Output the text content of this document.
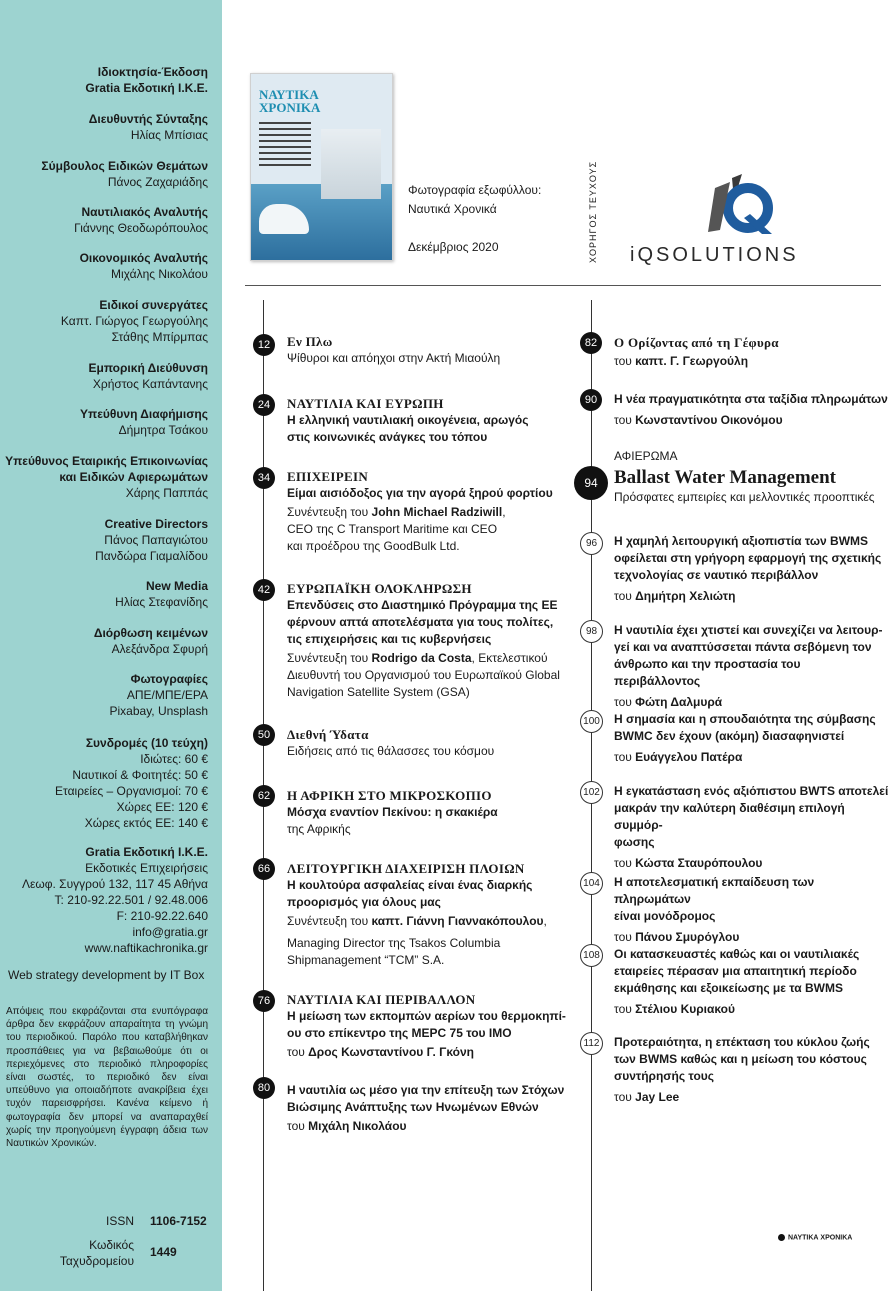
Ιδιοκτησία-Έκδοση
Gratia Εκδοτική Ι.Κ.Ε.
Διευθυντής Σύνταξης
Ηλίας Μπίσιας
Σύμβουλος Ειδικών Θεμάτων
Πάνος Ζαχαριάδης
Ναυτιλιακός Αναλυτής
Γιάννης Θεοδωρόπουλος
Οικονομικός Αναλυτής
Μιχάλης Νικολάου
Ειδικοί συνεργάτες
Καπτ. Γιώργος Γεωργούλης
Στάθης Μπίρμπας
Εμπορική Διεύθυνση
Χρήστος Καπάντανης
Υπεύθυνη Διαφήμισης
Δήμητρα Τσάκου
Υπεύθυνος Εταιρικής Επικοινωνίας
και Ειδικών Αφιερωμάτων
Χάρης Παππάς
Creative Directors
Πάνος Παπαγιώτου
Πανδώρα Γιαμαλίδου
New Media
Ηλίας Στεφανίδης
Διόρθωση κειμένων
Αλεξάνδρα Σφυρή
Φωτογραφίες
ΑΠΕ/ΜΠΕ/EPA
Pixabay, Unsplash
Συνδρομές (10 τεύχη)
Ιδιώτες: 60 €
Ναυτικοί & Φοιτητές: 50 €
Εταιρείες – Οργανισμοί: 70 €
Χώρες ΕΕ: 120 €
Χώρες εκτός ΕΕ: 140 €
Gratia Εκδοτική Ι.Κ.Ε.
Εκδοτικές Επιχειρήσεις
Λεωφ. Συγγρού 132, 117 45 Αθήνα
T: 210-92.22.501 / 92.48.006
F: 210-92.22.640
info@gratia.gr
www.naftikachronika.gr
Web strategy development by IT Box
Απόψεις που εκφράζονται στα ενυπόγραφα άρθρα δεν εκφράζουν απαραίτητα τη γνώμη του περιοδικού. Παρόλο που καταβλήθηκαν προσπάθειες για να βεβαιωθούμε ότι οι περιεχόμενες στο περιοδικό πληροφορίες είναι σωστές, το περιοδικό δεν είναι υπεύθυνο για οποιαδήποτε ανακρίβεια έχει τυχόν παρεισφρήσει. Κανένα κείμενο ή φωτογραφία δεν μπορεί να αναπαραχθεί χωρίς την προηγούμενη έγγραφη άδεια των Ναυτικών Χρονικών.
ISSN 1106-7152
Κωδικός
Ταχυδρομείου
1449
ΝΑΥΤΙΚΑ
ΧΡΟΝΙΚΑ
Φωτογραφία εξωφύλλου:
Ναυτικά Χρονικά
Δεκέμβριος 2020	ΧΟΡΗΓΟΣ ΤΕΥΧΟΥΣ iQSOLUTIONS
12	Εν Πλω
Ψίθυροι και απόηχοι στην Ακτή Μιαούλη
24	ΝΑΥΤΙΛΙΑ ΚΑΙ ΕΥΡΩΠΗ
Η ελληνική ναυτιλιακή οικογένεια, αρωγός
στις κοινωνικές ανάγκες του τόπου
34	ΕΠΙΧΕΙΡΕΙΝ
Είμαι αισιόδοξος για την αγορά ξηρού φορτίου
Συνέντευξη του John Michael Radziwill,
CEO της C Transport Maritime και CEO
και προέδρου της GoodBulk Ltd.
42	ΕΥΡΩΠΑΪΚΗ ΟΛΟΚΛΗΡΩΣΗ
Επενδύσεις στο Διαστημικό Πρόγραμμα της ΕΕ
φέρνουν απτά αποτελέσματα για τους πολίτες,
τις επιχειρήσεις και τις κυβερνήσεις
Συνέντευξη του Rodrigo da Costa, Εκτελεστικού
Διευθυντή του Οργανισμού του Ευρωπαϊκού Global
Navigation Satellite System (GSA)
50	Διεθνή Ύδατα
Ειδήσεις από τις θάλασσες του κόσμου
62	Η ΑΦΡΙΚΗ ΣΤΟ ΜΙΚΡΟΣΚΟΠΙΟ
Μόσχα εναντίον Πεκίνου: η σκακιέρα
της Αφρικής
66	ΛΕΙΤΟΥΡΓΙΚΗ ΔΙΑΧΕΙΡΙΣΗ ΠΛΟΙΩΝ
Η κουλτούρα ασφαλείας είναι ένας διαρκής
προορισμός για όλους μας
Συνέντευξη του καπτ. Γιάννη Γιαννακόπουλου,
Managing Director της Tsakos Columbia
Shipmanagement “TCM” S.A.
76	ΝΑΥΤΙΛΙΑ ΚΑΙ ΠΕΡΙΒΑΛΛΟΝ
Η μείωση των εκπομπών αερίων του θερμοκηπί-
ου στο επίκεντρο της MEPC 75 του IMO
του Δρος Κωνσταντίνου Γ. Γκόνη
80	Η ναυτιλία ως μέσο για την επίτευξη των Στόχων
Βιώσιμης Ανάπτυξης των Ηνωμένων Εθνών
του Μιχάλη Νικολάου
82	Ο Ορίζοντας από τη Γέφυρα
του καπτ. Γ. Γεωργούλη
90	Η νέα πραγματικότητα στα ταξίδια πληρωμάτων
του Κωνσταντίνου Οικονόμου
ΑΦΙΕΡΩΜΑ
94 Ballast Water Management
Πρόσφατες εμπειρίες και μελλοντικές προοπτικές
96	Η χαμηλή λειτουργική αξιοπιστία των BWMS
οφείλεται στη γρήγορη εφαρμογή της σχετικής
τεχνολογίας σε ναυτικό περιβάλλον
του Δημήτρη Χελιώτη
98	Η ναυτιλία έχει χτιστεί και συνεχίζει να λειτουρ-
γεί και να αναπτύσσεται πάντα σεβόμενη τον
άνθρωπο και την προστασία του περιβάλλοντος
του Φώτη Δαλμυρά
100 Η σημασία και η σπουδαιότητα της σύμβασης
BWMC δεν έχουν (ακόμη) διασαφηνιστεί
του Ευάγγελου Πατέρα
102 Η εγκατάσταση ενός αξιόπιστου BWTS αποτελεί
μακράν την καλύτερη διαθέσιμη επιλογή συμμόρ-
φωσης
του Κώστα Σταυρόπουλου
104 Η αποτελεσματική εκπαίδευση των πληρωμάτων
είναι μονόδρομος
του Πάνου Σμυρόγλου
108 Οι κατασκευαστές καθώς και οι ναυτιλιακές
εταιρείες πέρασαν μια απαιτητική περίοδο
εκμάθησης και εξοικείωσης με τα BWMS
του Στέλιου Κυριακού
112 Προτεραιότητα, η επέκταση του κύκλου ζωής
των BWMS καθώς και η μείωση του κόστους
συντήρησής τους
του Jay Lee
ΝΑΥΤΙΚΑ ΧΡΟΝΙΚΑ
